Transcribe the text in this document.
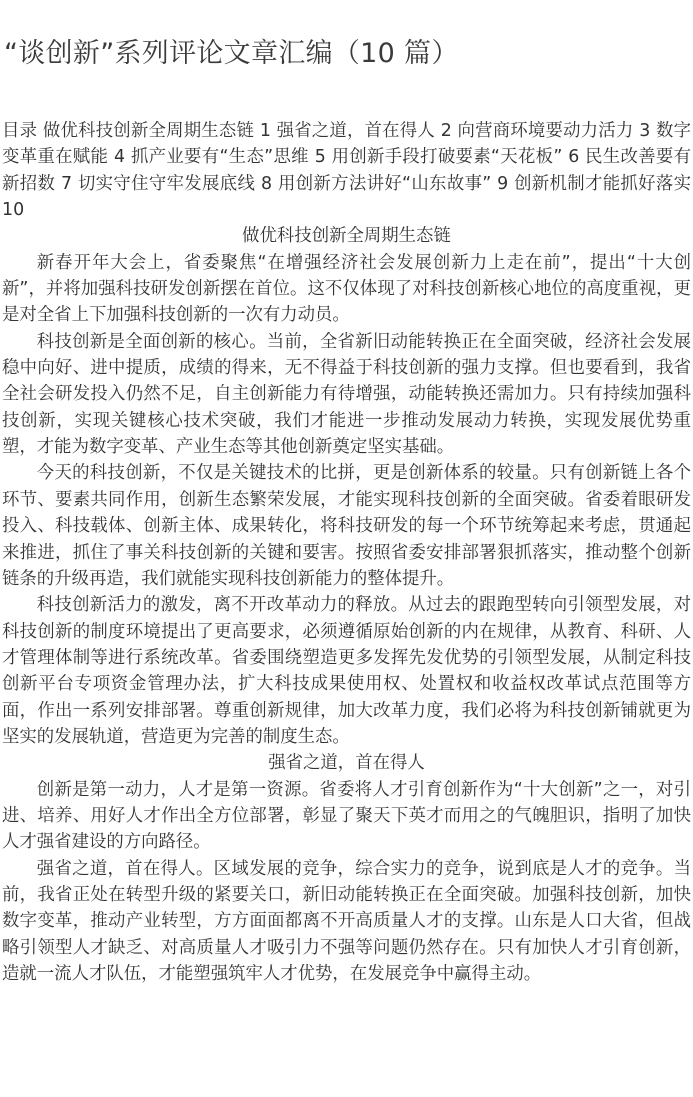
“谈创新”系列评论文章汇编（10 篇）

目录 做优科技创新全周期生态链 1 强省之道，首在得人 2 向营商环境要动力活力 3 数字变革重在赋能 4 抓产业要有“生态”思维 5 用创新手段打破要素“天花板” 6 民生改善要有新招数 7 切实守住守牢发展底线 8 用创新方法讲好“山东故事” 9 创新机制才能抓好落实 10

做优科技创新全周期生态链

新春开年大会上，省委聚焦“在增强经济社会发展创新力上走在前”，提出“十大创新”，并将加强科技研发创新摆在首位。这不仅体现了对科技创新核心地位的高度重视，更是对全省上下加强科技创新的一次有力动员。

科技创新是全面创新的核心。当前，全省新旧动能转换正在全面突破，经济社会发展稳中向好、进中提质，成绩的得来，无不得益于科技创新的强力支撑。但也要看到，我省全社会研发投入仍然不足，自主创新能力有待增强，动能转换还需加力。只有持续加强科技创新，实现关键核心技术突破，我们才能进一步推动发展动力转换，实现发展优势重塑，才能为数字变革、产业生态等其他创新奠定坚实基础。

今天的科技创新，不仅是关键技术的比拼，更是创新体系的较量。只有创新链上各个环节、要素共同作用，创新生态繁荣发展，才能实现科技创新的全面突破。省委着眼研发投入、科技载体、创新主体、成果转化，将科技研发的每一个环节统筹起来考虑，贯通起来推进，抓住了事关科技创新的关键和要害。按照省委安排部署狠抓落实，推动整个创新链条的升级再造，我们就能实现科技创新能力的整体提升。

科技创新活力的激发，离不开改革动力的释放。从过去的跟跑型转向引领型发展，对科技创新的制度环境提出了更高要求，必须遵循原始创新的内在规律，从教育、科研、人才管理体制等进行系统改革。省委围绕塑造更多发挥先发优势的引领型发展，从制定科技创新平台专项资金管理办法，扩大科技成果使用权、处置权和收益权改革试点范围等方面，作出一系列安排部署。尊重创新规律，加大改革力度，我们必将为科技创新铺就更为坚实的发展轨道，营造更为完善的制度生态。

强省之道，首在得人

创新是第一动力，人才是第一资源。省委将人才引育创新作为“十大创新”之一，对引进、培养、用好人才作出全方位部署，彰显了聚天下英才而用之的气魄胆识，指明了加快人才强省建设的方向路径。

强省之道，首在得人。区域发展的竞争，综合实力的竞争，说到底是人才的竞争。当前，我省正处在转型升级的紧要关口，新旧动能转换正在全面突破。加强科技创新，加快数字变革，推动产业转型，方方面面都离不开高质量人才的支撑。山东是人口大省，但战略引领型人才缺乏、对高质量人才吸引力不强等问题仍然存在。只有加快人才引育创新，造就一流人才队伍，才能塑强筑牢人才优势，在发展竞争中赢得主动。
